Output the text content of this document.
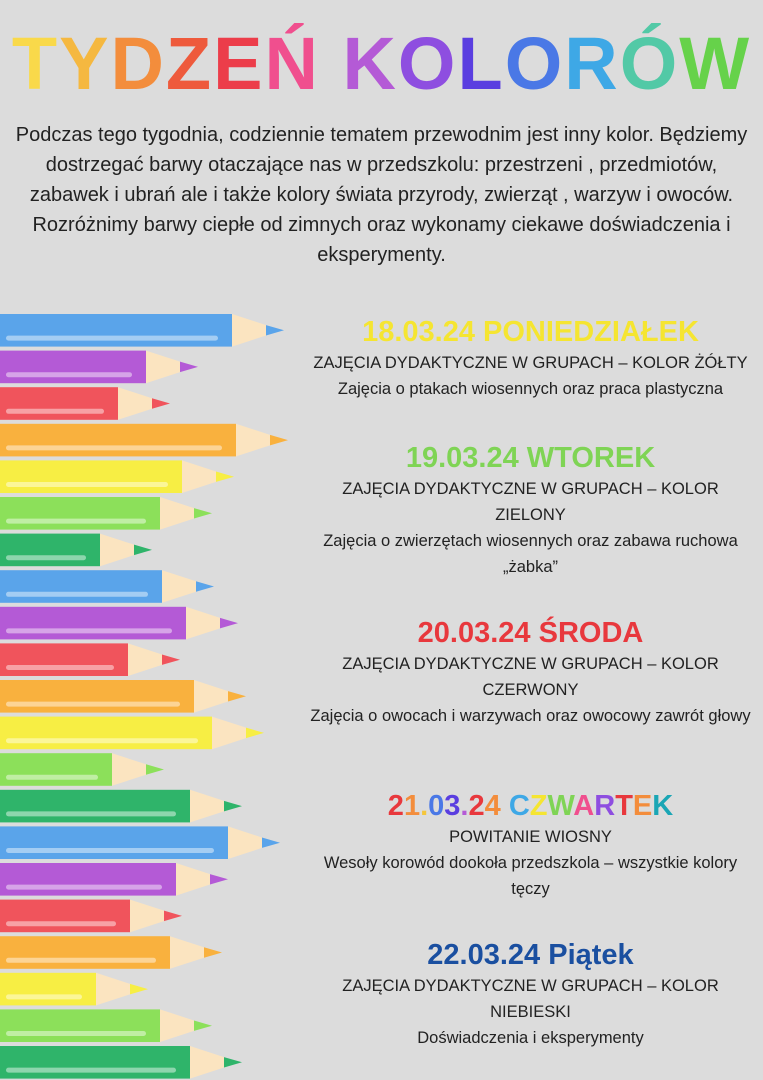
TYDZEŃ KOLORÓW
Podczas tego tygodnia, codziennie tematem przewodnim jest inny kolor. Będziemy dostrzegać barwy otaczające nas w przedszkolu: przestrzeni , przedmiotów, zabawek i ubrań ale i także kolory świata przyrody, zwierząt , warzyw i owoców. Rozróżnimy barwy ciepłe od zimnych oraz wykonamy ciekawe doświadczenia i eksperymenty.
18.03.24 PONIEDZIAŁEK
ZAJĘCIA DYDAKTYCZNE W GRUPACH – KOLOR ŻÓŁTY
Zajęcia o ptakach wiosennych oraz praca plastyczna
19.03.24 WTOREK
ZAJĘCIA DYDAKTYCZNE W GRUPACH – KOLOR ZIELONY
Zajęcia o zwierzętach wiosennych oraz zabawa ruchowa „żabka”
20.03.24 ŚRODA
ZAJĘCIA DYDAKTYCZNE W GRUPACH – KOLOR CZERWONY
Zajęcia o owocach i warzywach oraz owocowy zawrót głowy
21.03.24 CZWARTEK
POWITANIE WIOSNY
Wesoły korowód dookoła przedszkola – wszystkie kolory tęczy
22.03.24 Piątek
ZAJĘCIA DYDAKTYCZNE W GRUPACH – KOLOR NIEBIESKI
Doświadczenia i eksperymenty
